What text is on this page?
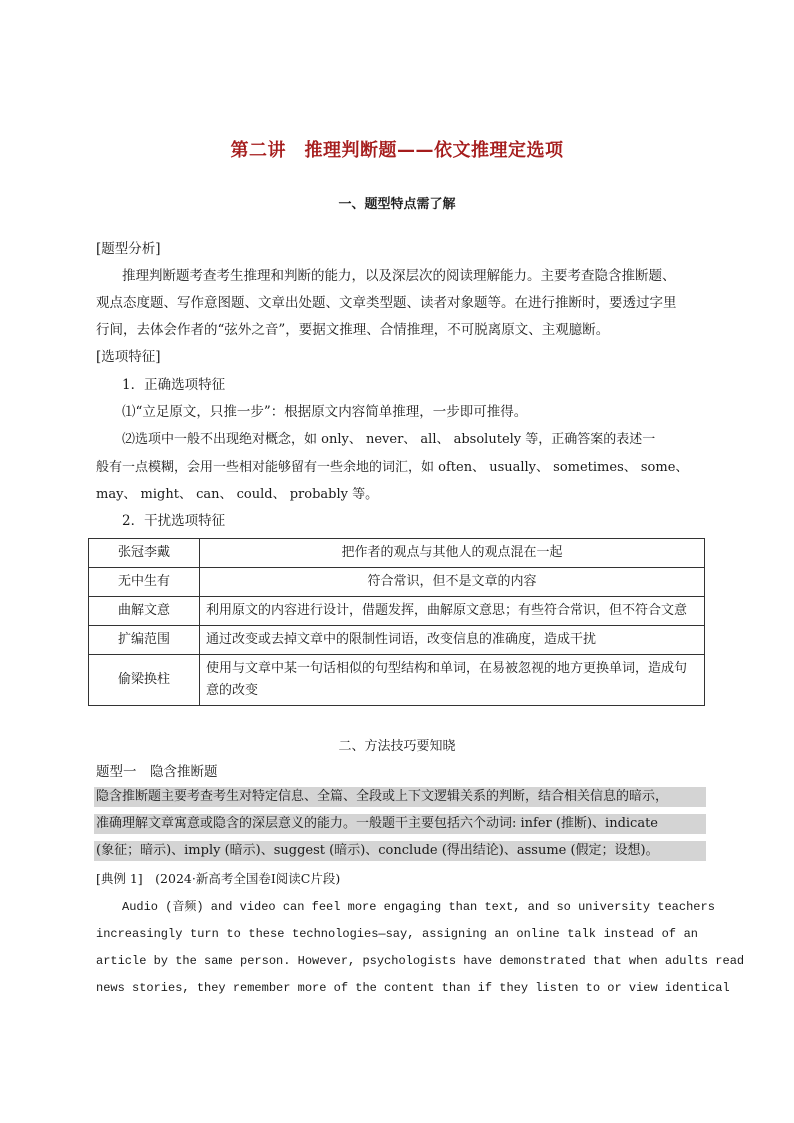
第二讲　推理判断题——依文推理定选项
一、题型特点需了解
[题型分析]
推理判断题考查考生推理和判断的能力，以及深层次的阅读理解能力。主要考查隐含推断题、
观点态度题、写作意图题、文章出处题、文章类型题、读者对象题等。在进行推断时，要透过字里
行间，去体会作者的“弦外之音”，要据文推理、合情推理，不可脱离原文、主观臆断。
[选项特征]
1．正确选项特征
⑴“立足原文，只推一步”：根据原文内容简单推理，一步即可推得。
⑵选项中一般不出现绝对概念，如 only、 never、 all、 absolutely 等，正确答案的表述一
般有一点模糊，会用一些相对能够留有一些余地的词汇，如 often、 usually、 sometimes、 some、
may、 might、 can、 could、 probably 等。
2．干扰选项特征
张冠李戴	把作者的观点与其他人的观点混在一起
无中生有	符合常识，但不是文章的内容
曲解文意	利用原文的内容进行设计，借题发挥，曲解原文意思；有些符合常识，但不符合文意
扩编范围	通过改变或去掉文章中的限制性词语，改变信息的准确度，造成干扰
偷梁换柱	使用与文章中某一句话相似的句型结构和单词，在易被忽视的地方更换单词，造成句意的改变
二、方法技巧要知晓
题型一　隐含推断题
隐含推断题主要考查考生对特定信息、全篇、全段或上下文逻辑关系的判断，结合相关信息的暗示，
准确理解文章寓意或隐含的深层意义的能力。一般题干主要包括六个动词: infer (推断)、indicate
(象征；暗示)、imply (暗示)、suggest (暗示)、conclude (得出结论)、assume (假定；设想)。
[典例 1]　(2024·新高考全国卷Ⅰ阅读C片段)
Audio (音频) and video can feel more engaging than text, and so university teachers
increasingly turn to these technologies—say, assigning an online talk instead of an
article by the same person. However, psychologists have demonstrated that when adults read
news stories, they remember more of the content than if they listen to or view identical
